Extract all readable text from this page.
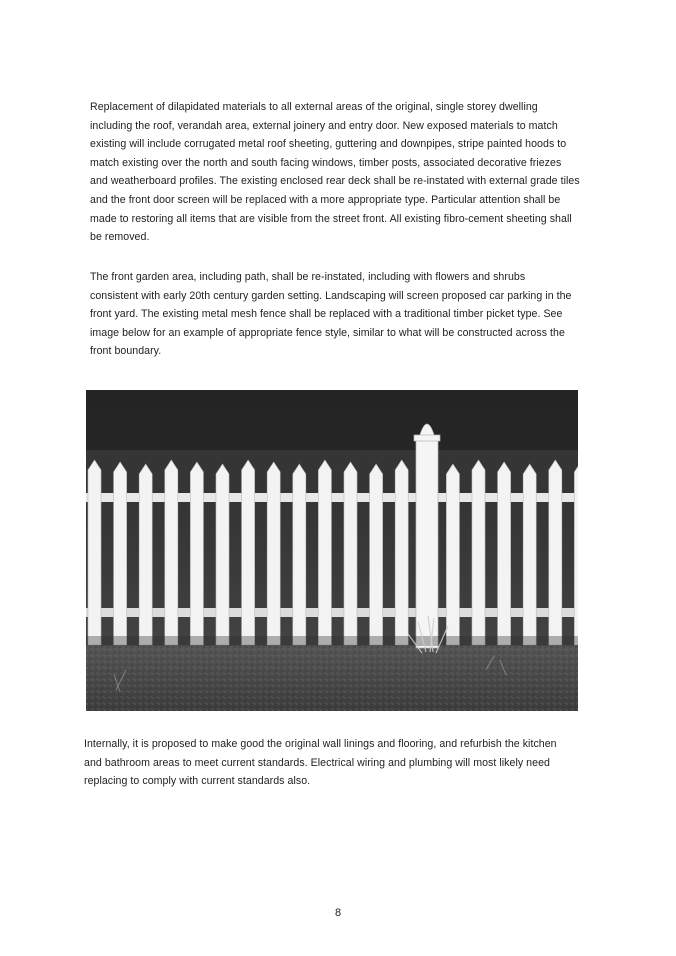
Replacement of dilapidated materials to all external areas of the original, single storey dwelling
including the roof, verandah area, external joinery and entry door. New exposed materials to match
existing will include corrugated metal roof sheeting, guttering and downpipes, stripe painted hoods to
match existing over the north and south facing windows, timber posts, associated decorative friezes
and weatherboard profiles. The existing enclosed rear deck shall be re-instated with external grade tiles
and the front door screen will be replaced with a more appropriate type. Particular attention shall be
made to restoring all items that are visible from the street front. All existing fibro-cement sheeting shall
be removed.
The front garden area, including path, shall be re-instated, including with flowers and shrubs
consistent with early 20th century garden setting. Landscaping will screen proposed car parking in the
front yard. The existing metal mesh fence shall be replaced with a traditional timber picket type. See
image below for an example of appropriate fence style, similar to what will be constructed across the
front boundary.
Internally, it is proposed to make good the original wall linings and flooring, and refurbish the kitchen
and bathroom areas to meet current standards. Electrical wiring and plumbing will most likely need
replacing to comply with current standards also.
8
